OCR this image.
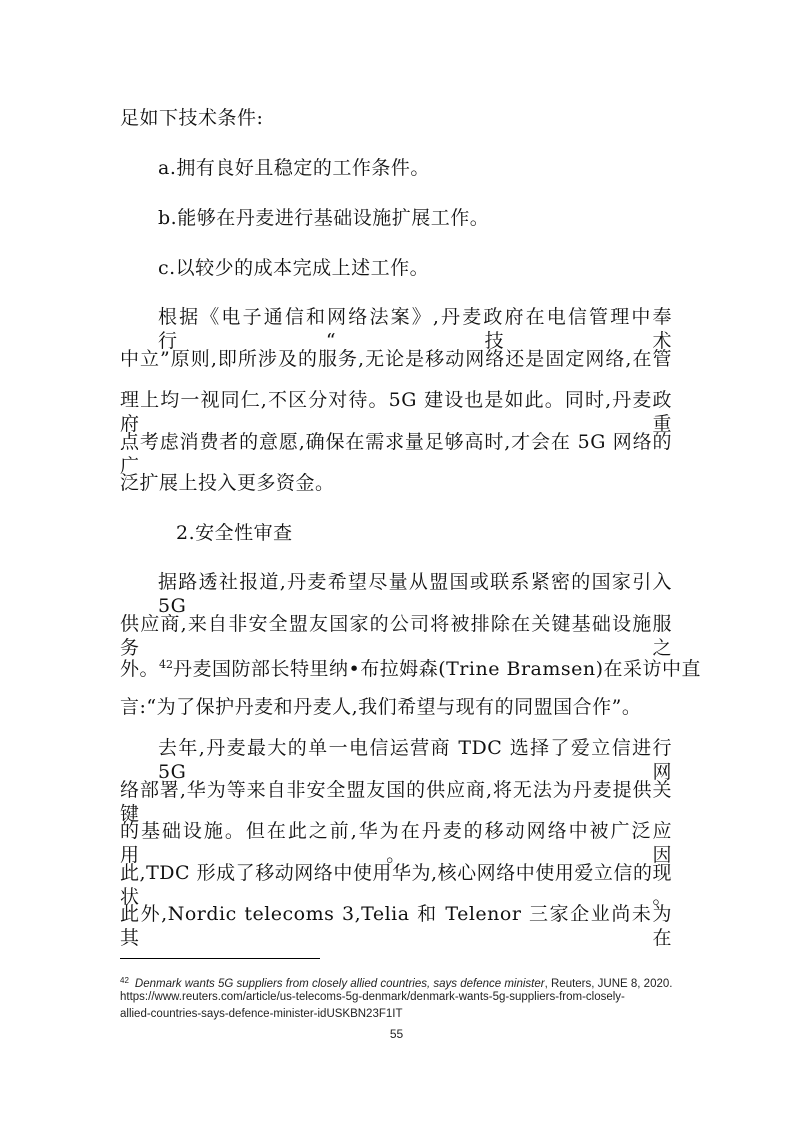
足如下技术条件:
a.拥有良好且稳定的工作条件。
b.能够在丹麦进行基础设施扩展工作。
c.以较少的成本完成上述工作。
根据《电子通信和网络法案》,丹麦政府在电信管理中奉行“技术
中立”原则,即所涉及的服务,无论是移动网络还是固定网络,在管
理上均一视同仁,不区分对待。5G 建设也是如此。同时,丹麦政府重
点考虑消费者的意愿,确保在需求量足够高时,才会在 5G 网络的广
泛扩展上投入更多资金。
2.安全性审查
据路透社报道,丹麦希望尽量从盟国或联系紧密的国家引入 5G
供应商,来自非安全盟友国家的公司将被排除在关键基础设施服务之
外。$^{42}$丹麦国防部长特里纳•布拉姆森(Trine Bramsen)在采访中直
言:“为了保护丹麦和丹麦人,我们希望与现有的同盟国合作”。
去年,丹麦最大的单一电信运营商 TDC 选择了爱立信进行 5G 网
络部署,华为等来自非安全盟友国的供应商,将无法为丹麦提供关键
的基础设施。但在此之前,华为在丹麦的移动网络中被广泛应用。因
此,TDC 形成了移动网络中使用华为,核心网络中使用爱立信的现状。
此外,Nordic telecoms 3,Telia 和 Telenor 三家企业尚未为其在
$^{42}$ Denmark wants 5G suppliers from closely allied countries, says defence minister, Reuters, JUNE 8, 2020.
https://www.reuters.com/article/us-telecoms-5g-denmark/denmark-wants-5g-suppliers-from-closely-
allied-countries-says-defence-minister-idUSKBN23F1IT
55
